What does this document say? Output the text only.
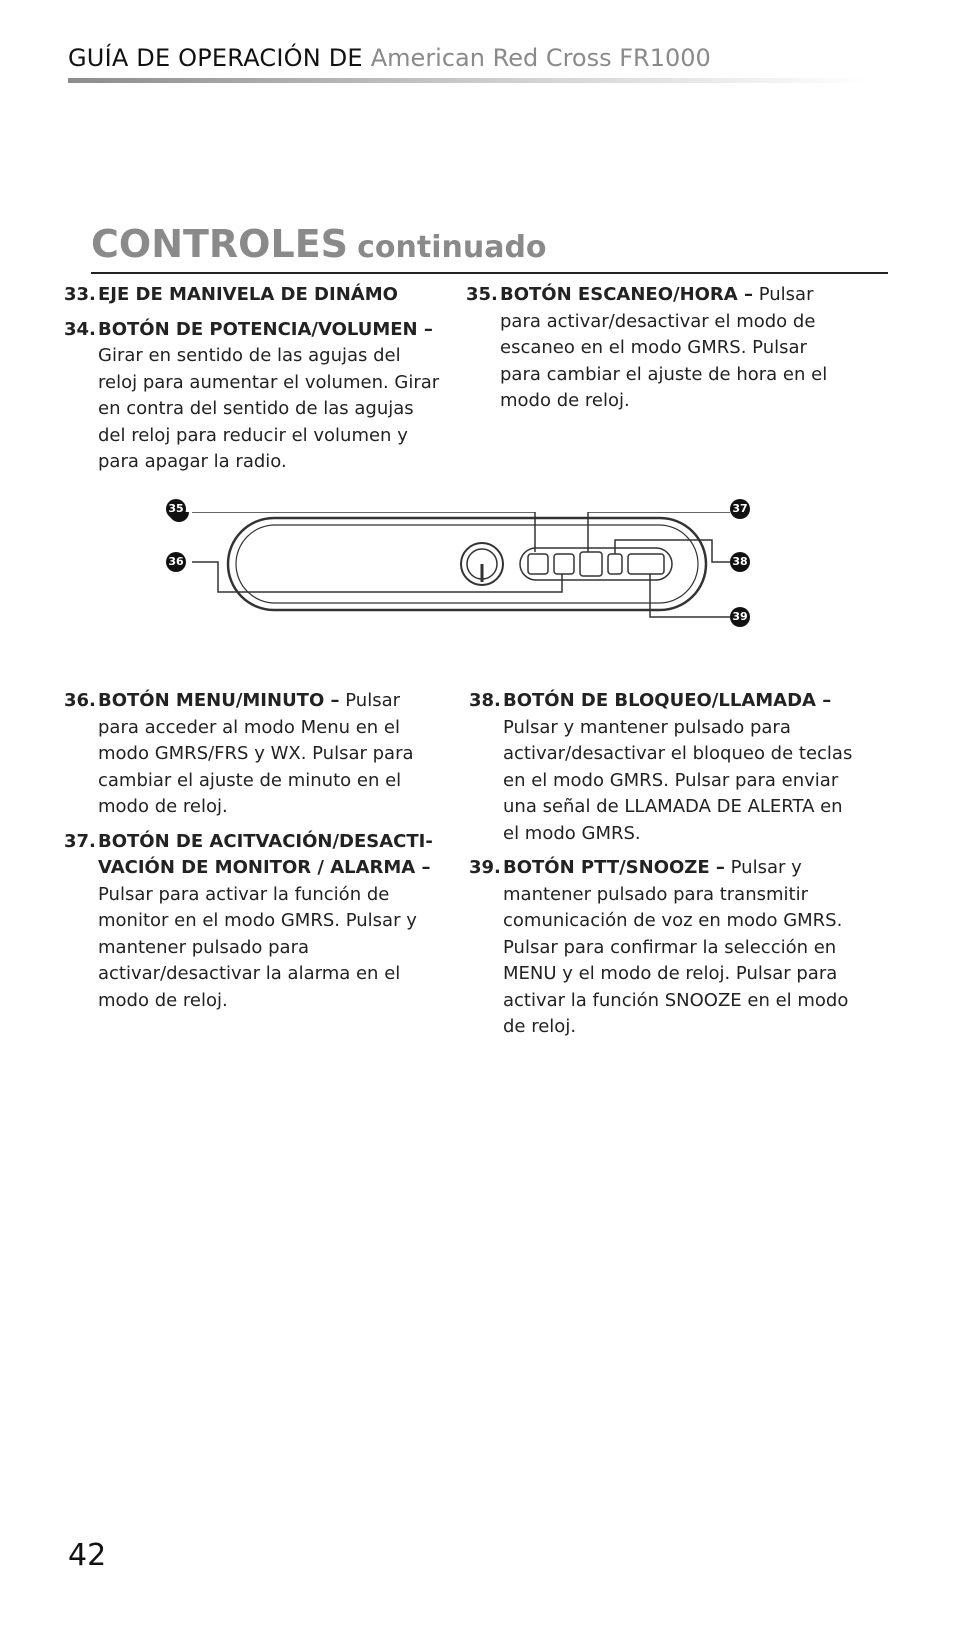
GUÍA DE OPERACIÓN DE American Red Cross FR1000
CONTROLES continuado
33. EJE DE MANIVELA DE DINÁMO

34. BOTÓN DE POTENCIA/VOLUMEN – Girar en sentido de las agujas del reloj para aumentar el volumen. Girar en contra del sentido de las agujas del reloj para reducir el volumen y para apagar la radio.

35. BOTÓN ESCANEO/HORA – Pulsar para activar/desactivar el modo de escaneo en el modo GMRS. Pulsar para cambiar el ajuste de hora en el modo de reloj.

35
36
37
38
39
36. BOTÓN MENU/MINUTO – Pulsar para acceder al modo Menu en el modo GMRS/FRS y WX. Pulsar para cambiar el ajuste de minuto en el modo de reloj.

37. BOTÓN DE ACITVACIÓN/DESACTI-

VACIÓN DE MONITOR / ALARMA – Pulsar para activar la función de monitor en el modo GMRS. Pulsar y mantener pulsado para activar/desactivar la alarma en el modo de reloj.

38. BOTÓN DE BLOQUEO/LLAMADA – Pulsar y mantener pulsado para activar/desactivar el bloqueo de teclas en el modo GMRS. Pulsar para enviar una señal de LLAMADA DE ALERTA en el modo GMRS.

39. BOTÓN PTT/SNOOZE – Pulsar y mantener pulsado para transmitir comunicación de voz en modo GMRS. Pulsar para confirmar la selección en MENU y el modo de reloj. Pulsar para activar la función SNOOZE en el modo de reloj.

42
